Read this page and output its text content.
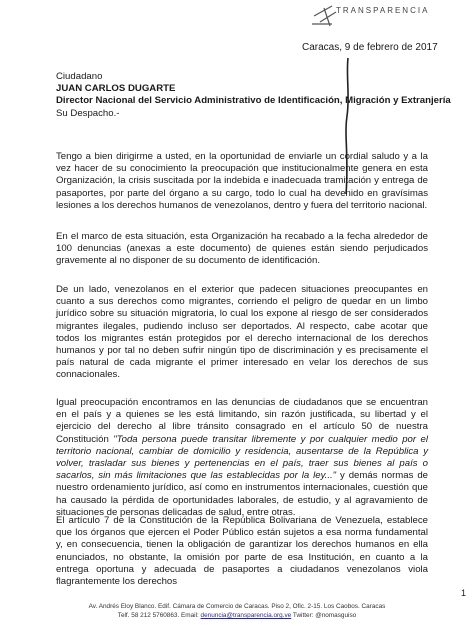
TRANSPARENCIA
Caracas, 9 de febrero de 2017
Ciudadano
JUAN CARLOS DUGARTE
Director Nacional del Servicio Administrativo de Identificación, Migración y Extranjería
Su Despacho.-
Tengo a bien dirigirme a usted, en la oportunidad de enviarle un cordial saludo y a la vez hacer de su conocimiento la preocupación que institucionalmente genera en esta Organización, la crisis suscitada por la indebida e inadecuada tramitación y entrega de pasaportes, por parte del órgano a su cargo, todo lo cual ha devenido en gravísimas lesiones a los derechos humanos de venezolanos, dentro y fuera del territorio nacional.
En el marco de esta situación, esta Organización ha recabado a la fecha alrededor de 100 denuncias (anexas a este documento) de quienes están siendo perjudicados gravemente al no disponer de su documento de identificación.
De un lado, venezolanos en el exterior que padecen situaciones preocupantes en cuanto a sus derechos como migrantes, corriendo el peligro de quedar en un limbo jurídico sobre su situación migratoria, lo cual los expone al riesgo de ser considerados migrantes ilegales, pudiendo incluso ser deportados. Al respecto, cabe acotar que todos los migrantes están protegidos por el derecho internacional de los derechos humanos y por tal no deben sufrir ningún tipo de discriminación y es precisamente el país natural de cada migrante el primer interesado en velar los derechos de sus connacionales.
Igual preocupación encontramos en las denuncias de ciudadanos que se encuentran en el país y a quienes se les está limitando, sin razón justificada, su libertad y el ejercicio del derecho al libre tránsito consagrado en el artículo 50 de nuestra Constitución "Toda persona puede transitar libremente y por cualquier medio por el territorio nacional, cambiar de domicilio y residencia, ausentarse de la República y volver, trasladar sus bienes y pertenencias en el país, traer sus bienes al país o sacarlos, sin más limitaciones que las establecidas por la ley..." y demás normas de nuestro ordenamiento jurídico, así como en instrumentos internacionales, cuestión que ha causado la pérdida de oportunidades laborales, de estudio, y al agravamiento de situaciones de personas delicadas de salud, entre otras.
El artículo 7 de la Constitución de la República Bolivariana de Venezuela, establece que los órganos que ejercen el Poder Público están sujetos a esa norma fundamental y, en consecuencia, tienen la obligación de garantizar los derechos humanos en ella enunciados, no obstante, la omisión por parte de esa Institución, en cuanto a la entrega oportuna y adecuada de pasaportes a ciudadanos venezolanos viola flagrantemente los derechos
1
Av. Andrés Eloy Blanco. Edif. Cámara de Comercio de Caracas. Piso 2, Ofic. 2-15. Los Caobos. Caracas
Telf. 58 212 5760863. Email: denuncia@transparencia.org.ve Twitter: @nomasguiso
